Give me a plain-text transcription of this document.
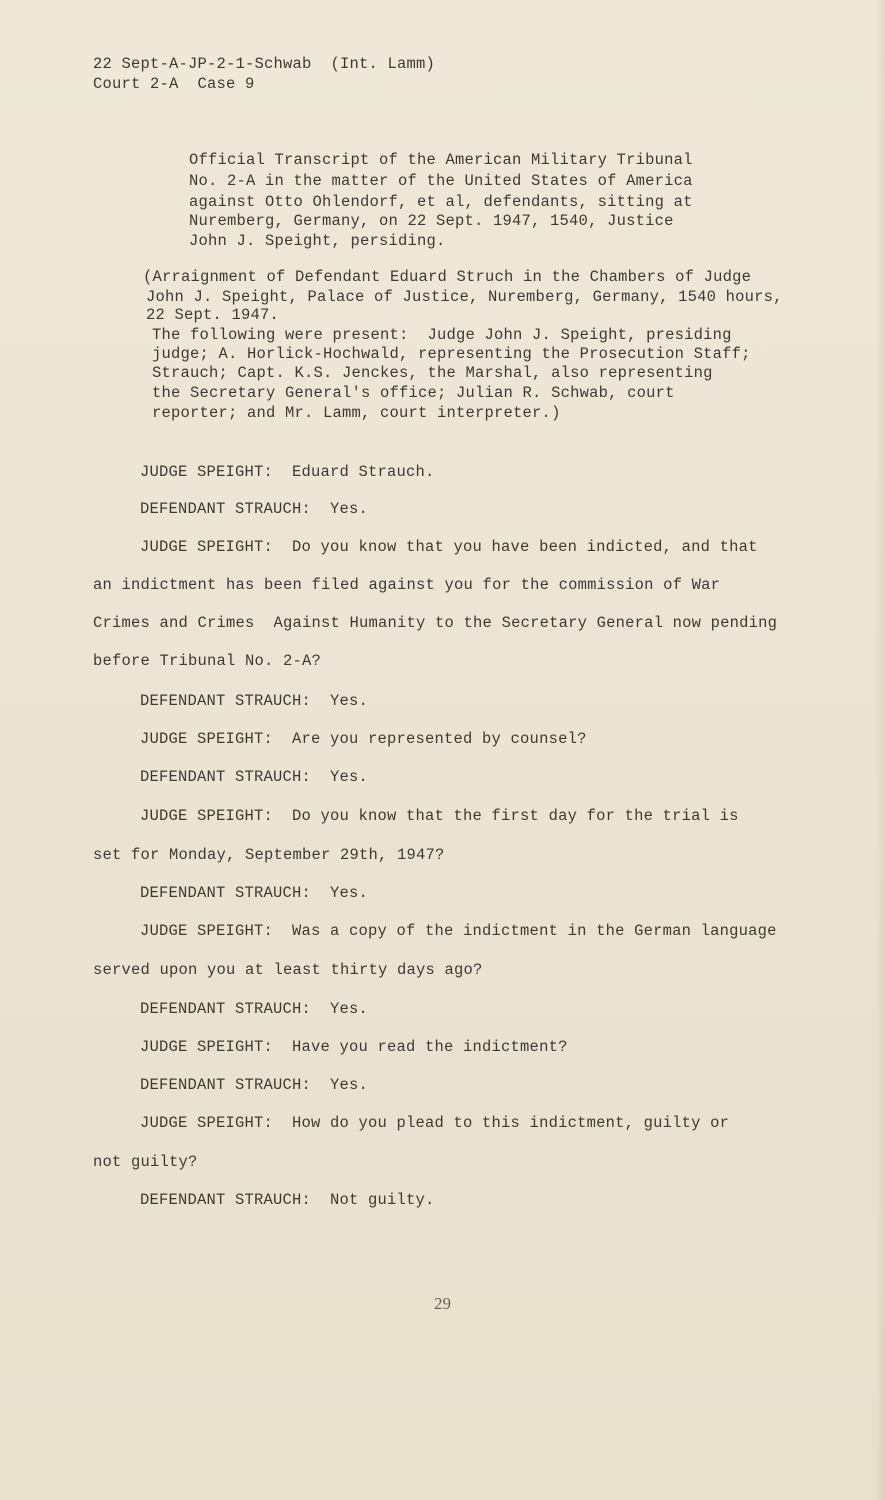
22 Sept-A-JP-2-1-Schwab  (Int. Lamm)
Court 2-A  Case 9
Official Transcript of the American Military Tribunal
No. 2-A in the matter of the United States of America
against Otto Ohlendorf, et al, defendants, sitting at
Nuremberg, Germany, on 22 Sept. 1947, 1540, Justice
John J. Speight, persiding.
(Arraignment of Defendant Eduard Struch in the Chambers of Judge
John J. Speight, Palace of Justice, Nuremberg, Germany, 1540 hours,
22 Sept. 1947.
The following were present:  Judge John J. Speight, presiding
judge; A. Horlick-Hochwald, representing the Prosecution Staff;
Strauch; Capt. K.S. Jenckes, the Marshal, also representing
the Secretary General's office; Julian R. Schwab, court
reporter; and Mr. Lamm, court interpreter.)
JUDGE SPEIGHT:  Eduard Strauch.
DEFENDANT STRAUCH:  Yes.
JUDGE SPEIGHT:  Do you know that you have been indicted, and that
an indictment has been filed against you for the commission of War
Crimes and Crimes  Against Humanity to the Secretary General now pending
before Tribunal No. 2-A?
DEFENDANT STRAUCH:  Yes.
JUDGE SPEIGHT:  Are you represented by counsel?
DEFENDANT STRAUCH:  Yes.
JUDGE SPEIGHT:  Do you know that the first day for the trial is
set for Monday, September 29th, 1947?
DEFENDANT STRAUCH:  Yes.
JUDGE SPEIGHT:  Was a copy of the indictment in the German language
served upon you at least thirty days ago?
DEFENDANT STRAUCH:  Yes.
JUDGE SPEIGHT:  Have you read the indictment?
DEFENDANT STRAUCH:  Yes.
JUDGE SPEIGHT:  How do you plead to this indictment, guilty or
not guilty?
DEFENDANT STRAUCH:  Not guilty.
29
